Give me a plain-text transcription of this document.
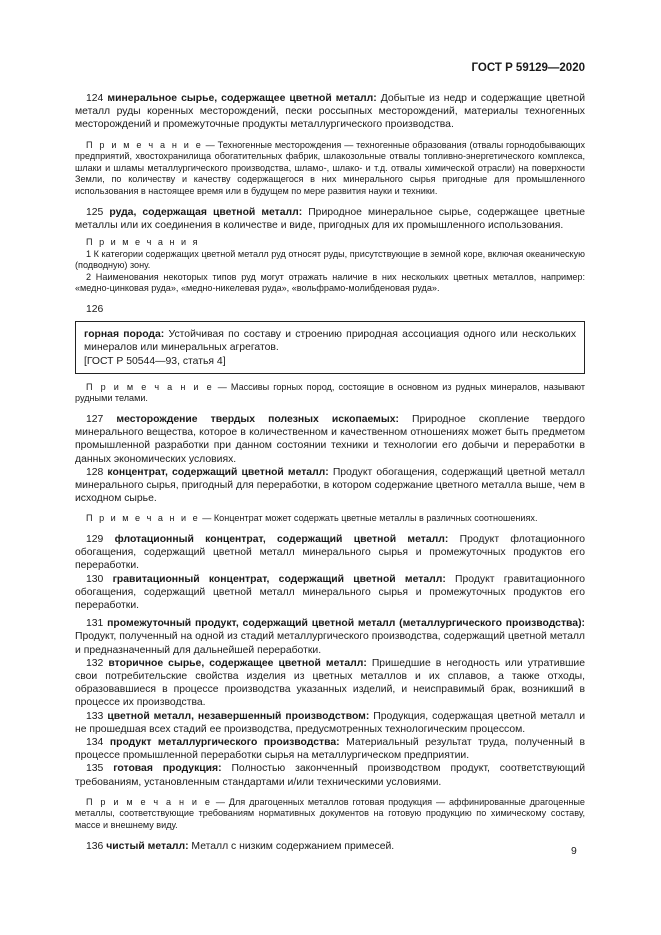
ГОСТ Р 59129—2020

124 минеральное сырье, содержащее цветной металл: Добытые из недр и содержащие цветной металл руды коренных месторождений, пески россыпных месторождений, материалы техногенных месторождений и промежуточные продукты металлургического производства.

П р и м е ч а н и е — Техногенные месторождения — техногенные образования (отвалы горнодобывающих предприятий, хвостохранилища обогатительных фабрик, шлакозольные отвалы топливно-энергетического комплекса, шлаки и шламы металлургического производства, шламо-, шлако- и т.д. отвалы химической отрасли) на поверхности Земли, по количеству и качеству содержащегося в них минерального сырья пригодные для промышленного использования в настоящее время или в будущем по мере развития науки и техники.

125 руда, содержащая цветной металл: Природное минеральное сырье, содержащее цветные металлы или их соединения в количестве и виде, пригодных для их промышленного использования.

П р и м е ч а н и я

1 К категории содержащих цветной металл руд относят руды, присутствующие в земной коре, включая океаническую (подводную) зону.

2 Наименования некоторых типов руд могут отражать наличие в них нескольких цветных металлов, например: «медно-цинковая руда», «медно-никелевая руда», «вольфрамо-молибденовая руда».

126

горная порода: Устойчивая по составу и строению природная ассоциация одного или нескольких минералов или минеральных агрегатов.

[ГОСТ Р 50544—93, статья 4]

П р и м е ч а н и е — Массивы горных пород, состоящие в основном из рудных минералов, называют рудными телами.

127 месторождение твердых полезных ископаемых: Природное скопление твердого минерального вещества, которое в количественном и качественном отношениях может быть предметом промышленной разработки при данном состоянии техники и технологии его добычи и переработки в данных экономических условиях.

128 концентрат, содержащий цветной металл: Продукт обогащения, содержащий цветной металл минерального сырья, пригодный для переработки, в котором содержание цветного металла выше, чем в исходном сырье.

П р и м е ч а н и е — Концентрат может содержать цветные металлы в различных соотношениях.

129 флотационный концентрат, содержащий цветной металл: Продукт флотационного обогащения, содержащий цветной металл минерального сырья и промежуточных продуктов его переработки.

130 гравитационный концентрат, содержащий цветной металл: Продукт гравитационного обогащения, содержащий цветной металл минерального сырья и промежуточных продуктов его переработки.

131 промежуточный продукт, содержащий цветной металл (металлургического производства): Продукт, полученный на одной из стадий металлургического производства, содержащий цветной металл и предназначенный для дальнейшей переработки.

132 вторичное сырье, содержащее цветной металл: Пришедшие в негодность или утратившие свои потребительские свойства изделия из цветных металлов и их сплавов, а также отходы, образовавшиеся в процессе производства указанных изделий, и неисправимый брак, возникший в процессе их производства.

133 цветной металл, незавершенный производством: Продукция, содержащая цветной металл и не прошедшая всех стадий ее производства, предусмотренных технологическим процессом.

134 продукт металлургического производства: Материальный результат труда, полученный в процессе промышленной переработки сырья на металлургическом предприятии.

135 готовая продукция: Полностью законченный производством продукт, соответствующий требованиям, установленным стандартами и/или техническими условиями.

П р и м е ч а н и е — Для драгоценных металлов готовая продукция — аффинированные драгоценные металлы, соответствующие требованиям нормативных документов на готовую продукцию по химическому составу, массе и внешнему виду.

136 чистый металл: Металл с низким содержанием примесей.	9
